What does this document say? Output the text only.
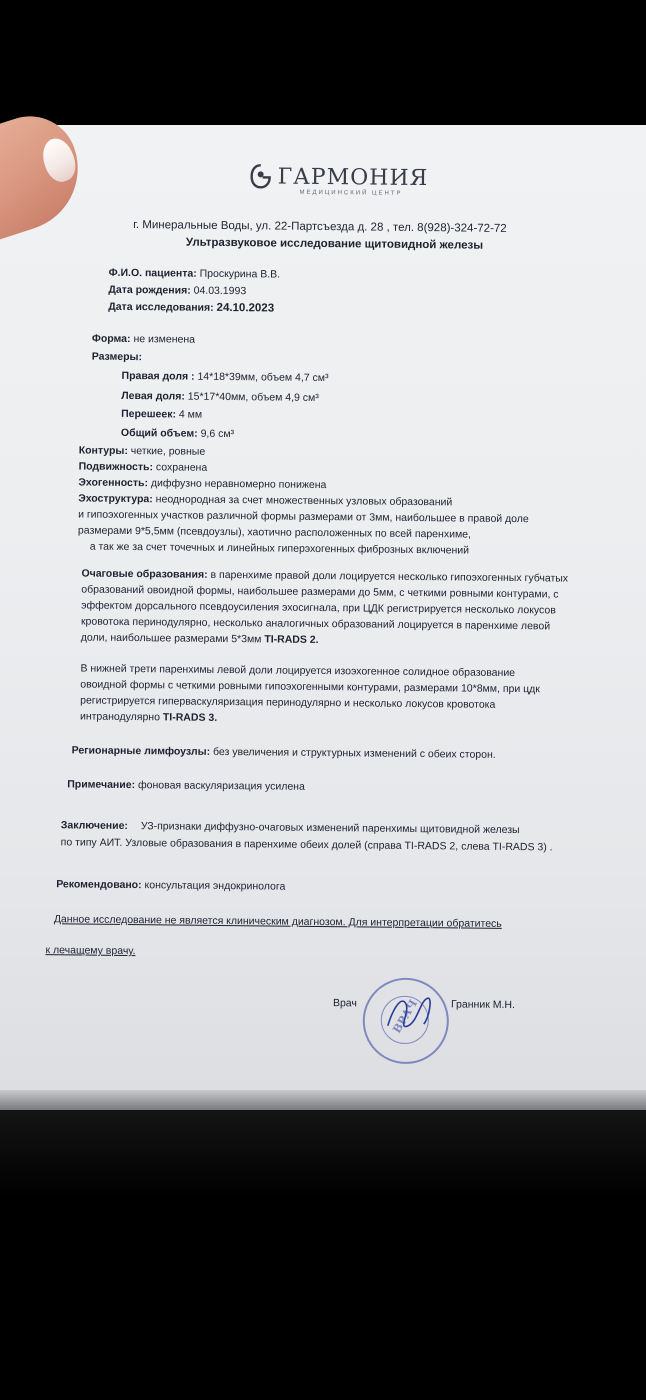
ГАРМОНИЯ
МЕДИЦИНСКИЙ ЦЕНТР
г. Минеральные Воды, ул. 22-Партсъезда д. 28 , тел. 8(928)-324-72-72
Ультразвуковое исследование щитовидной железы
Ф.И.О. пациента: Проскурина В.В.
Дата рождения: 04.03.1993
Дата исследования: 24.10.2023
Форма: не изменена
Размеры:
Правая доля : 14*18*39мм, объем 4,7 см³
Левая доля: 15*17*40мм, объем 4,9 см³
Перешеек: 4 мм
Общий объем: 9,6 см³
Контуры: четкие, ровные
Подвижность: сохранена
Эхогенность: диффузно неравномерно понижена
Эхоструктура: неоднородная за счет множественных узловых образований
и гипоэхогенных участков различной формы размерами от 3мм, наибольшее в правой доле
размерами 9*5,5мм (псевдоузлы), хаотично расположенных по всей паренхиме,
а так же за счет точечных и линейных гиперэхогенных фиброзных включений
Очаговые образования: в паренхиме правой доли лоцируется несколько гипоэхогенных губчатых
образований овоидной формы, наибольшее размерами до 5мм, с четкими ровными контурами, с
эффектом дорсального псевдоусиления эхосигнала, при ЦДК регистрируется несколько локусов
кровотока перинодулярно, несколько аналогичных образований лоцируется в паренхиме левой
доли, наибольшее размерами 5*3мм TI-RADS 2.
В нижней трети паренхимы левой доли лоцируется изоэхогенное солидное образование
овоидной формы с четкими ровными гипоэхогенными контурами, размерами 10*8мм, при цдк
регистрируется гиперваскуляризация перинодулярно и несколько локусов кровотока
интранодулярно TI-RADS 3.
Регионарные лимфоузлы: без увеличения и структурных изменений с обеих сторон.
Примечание: фоновая васкуляризация усилена
Заключение: УЗ-признаки диффузно-очаговых изменений паренхимы щитовидной железы
по типу АИТ. Узловые образования в паренхиме обеих долей (справа TI-RADS 2, слева TI-RADS 3) .
Рекомендовано: консультация эндокринолога
Данное исследование не является клиническим диагнозом. Для интерпретации обратитесь
к лечащему врачу.
Врач	ВРАЧ	Гранник М.Н.
